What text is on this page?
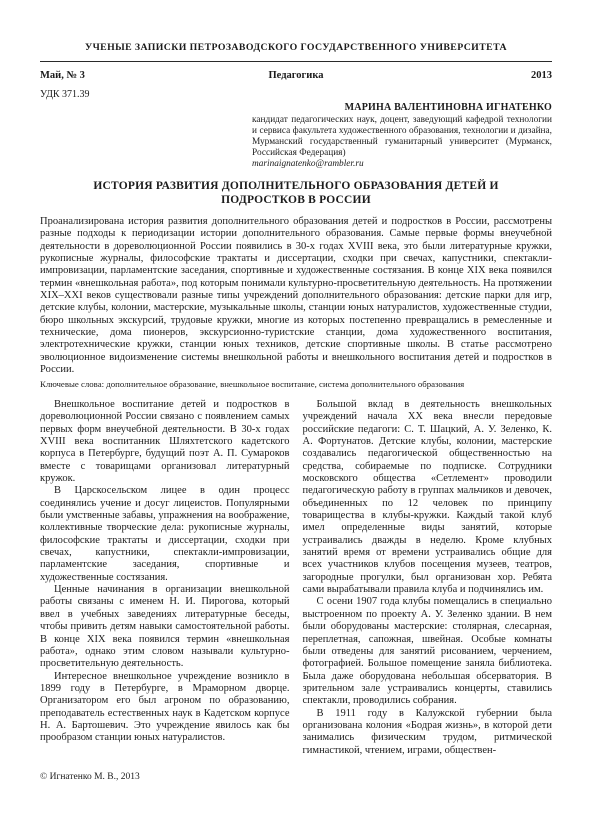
УЧЕНЫЕ ЗАПИСКИ ПЕТРОЗАВОДСКОГО ГОСУДАРСТВЕННОГО УНИВЕРСИТЕТА
Май, № 3	Педагогика	2013
УДК 371.39
МАРИНА ВАЛЕНТИНОВНА ИГНАТЕНКО
кандидат педагогических наук, доцент, заведующий кафедрой технологии и сервиса факультета художественного образования, технологии и дизайна, Мурманский государственный гуманитарный университет (Мурманск, Российская Федерация)
marinaignatenko@rambler.ru
ИСТОРИЯ РАЗВИТИЯ ДОПОЛНИТЕЛЬНОГО ОБРАЗОВАНИЯ ДЕТЕЙ И ПОДРОСТКОВ В РОССИИ
Проанализирована история развития дополнительного образования детей и подростков в России, рассмотрены разные подходы к периодизации истории дополнительного образования. Самые первые формы внеучебной деятельности в дореволюционной России появились в 30-х годах XVIII века, это были литературные кружки, рукописные журналы, философские трактаты и диссертации, сходки при свечах, капустники, спектакли-импровизации, парламентские заседания, спортивные и художественные состязания. В конце XIX века появился термин «внешкольная работа», под которым понимали культурно-просветительную деятельность. На протяжении XIX–XXI веков существовали разные типы учреждений дополнительного образования: детские парки для игр, детские клубы, колонии, мастерские, музыкальные школы, станции юных натуралистов, художественные студии, бюро школьных экскурсий, трудовые кружки, многие из которых постепенно превращались в ремесленные и технические, дома пионеров, экскурсионно-туристские станции, дома художественного воспитания, электротехнические кружки, станции юных техников, детские спортивные школы. В статье рассмотрено эволюционное видоизменение системы внешкольной работы и внешкольного воспитания детей и подростков в России.
Ключевые слова: дополнительное образование, внешкольное воспитание, система дополнительного образования

Внешкольное воспитание детей и подростков в дореволюционной России связано с появлением самых первых форм внеучебной деятельности. В 30-х годах XVIII века воспитанник Шляхтетского кадетского корпуса в Петербурге, будущий поэт А. П. Сумароков вместе с товарищами организовал литературный кружок.

В Царскосельском лицее в один процесс соединялись учение и досуг лицеистов. Популярными были умственные забавы, упражнения на воображение, коллективные творческие дела: рукописные журналы, философские трактаты и диссертации, сходки при свечах, капустники, спектакли-импровизации, парламентские заседания, спортивные и художественные состязания.

Ценные начинания в организации внешкольной работы связаны с именем Н. И. Пирогова, который ввел в учебных заведениях литературные беседы, чтобы привить детям навыки самостоятельной работы. В конце XIX века появился термин «внешкольная работа», однако этим словом называли культурно-просветительную деятельность.

Интересное внешкольное учреждение возникло в 1899 году в Петербурге, в Мраморном дворце. Организатором его был агроном по образованию, преподаватель естественных наук в Кадетском корпусе Н. А. Бартошевич. Это учреждение явилось как бы прообразом станции юных натуралистов.

Большой вклад в деятельность внешкольных учреждений начала XX века внесли передовые российские педагоги: С. Т. Шацкий, А. У. Зеленко, К. А. Фортунатов. Детские клубы, колонии, мастерские создавались педагогической общественностью на средства, собираемые по подписке. Сотрудники московского общества «Сетлемент» проводили педагогическую работу в группах мальчиков и девочек, объединенных по 12 человек по принципу товарищества в клубы-кружки. Каждый такой клуб имел определенные виды занятий, которые устраивались дважды в неделю. Кроме клубных занятий время от времени устраивались общие для всех участников клубов посещения музеев, театров, загородные прогулки, был организован хор. Ребята сами вырабатывали правила клуба и подчинялись им.

С осени 1907 года клубы помещались в специально выстроенном по проекту А. У. Зеленко здании. В нем были оборудованы мастерские: столярная, слесарная, переплетная, сапожная, швейная. Особые комнаты были отведены для занятий рисованием, черчением, фотографией. Большое помещение заняла библиотека. Была даже оборудована небольшая обсерватория. В зрительном зале устраивались концерты, ставились спектакли, проводились собрания.

В 1911 году в Калужской губернии была организована колония «Бодрая жизнь», в которой дети занимались физическим трудом, ритмической гимнастикой, чтением, играми, обществен-

© Игнатенко М. В., 2013
